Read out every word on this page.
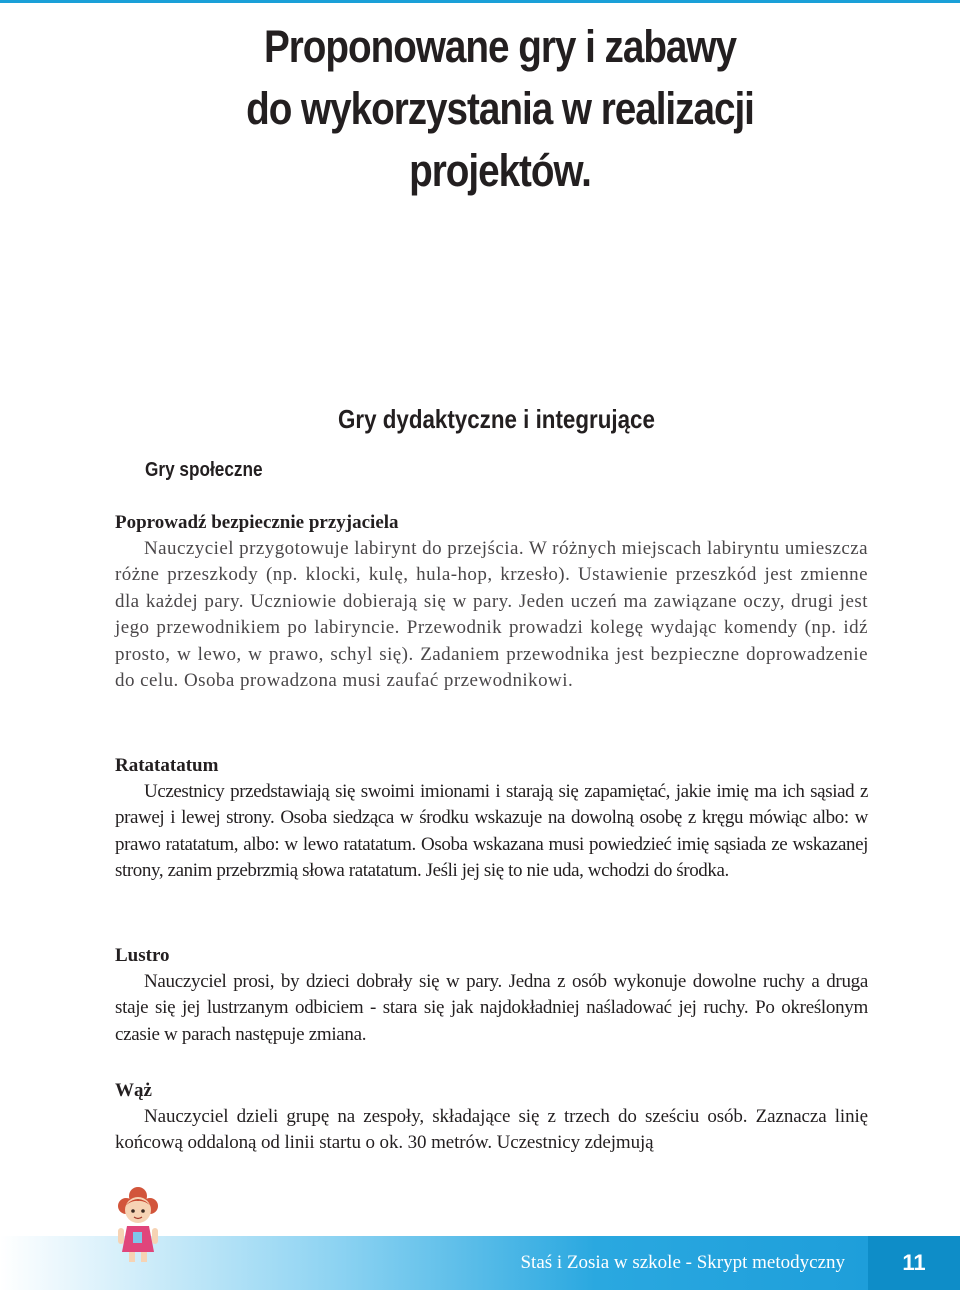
Proponowane gry i zabawy
do wykorzystania w realizacji
projektów.
Gry dydaktyczne i integrujące
Gry społeczne
Poprowadź bezpiecznie przyjaciela

Nauczyciel przygotowuje labirynt do przejścia. W różnych miejscach labiryntu umieszcza różne przeszkody (np. klocki, kulę, hula-hop, krzesło). Ustawienie przeszkód jest zmienne dla każdej pary. Uczniowie dobierają się w pary. Jeden uczeń ma zawiązane oczy, drugi jest jego przewodnikiem po labiryncie. Przewodnik prowadzi kolegę wydając komendy (np. idź prosto, w lewo, w prawo, schyl się). Zadaniem przewodnika jest bezpieczne doprowadzenie do celu. Osoba prowadzona musi zaufać przewodnikowi.

Ratatatatum

Uczestnicy przedstawiają się swoimi imionami i starają się zapamiętać, jakie imię ma ich sąsiad z prawej i lewej strony. Osoba siedząca w środku wskazuje na dowolną osobę z kręgu mówiąc albo: w prawo ratatatum, albo: w lewo ratatatum. Osoba wskazana musi powiedzieć imię sąsiada ze wskazanej strony, zanim przebrzmią słowa ratatatum. Jeśli jej się to nie uda, wchodzi do środka.

Lustro

Nauczyciel prosi, by dzieci dobrały się w pary. Jedna z osób wykonuje dowolne ruchy a druga staje się jej lustrzanym odbiciem - stara się jak najdokładniej naśladować jej ruchy. Po określonym czasie w parach następuje zmiana.

Wąż

Nauczyciel dzieli grupę na zespoły, składające się z trzech do sześciu osób. Zaznacza linię końcową oddaloną od linii startu o ok. 30 metrów. Uczestnicy zdejmują

Staś i Zosia w szkole - Skrypt metodyczny	11
